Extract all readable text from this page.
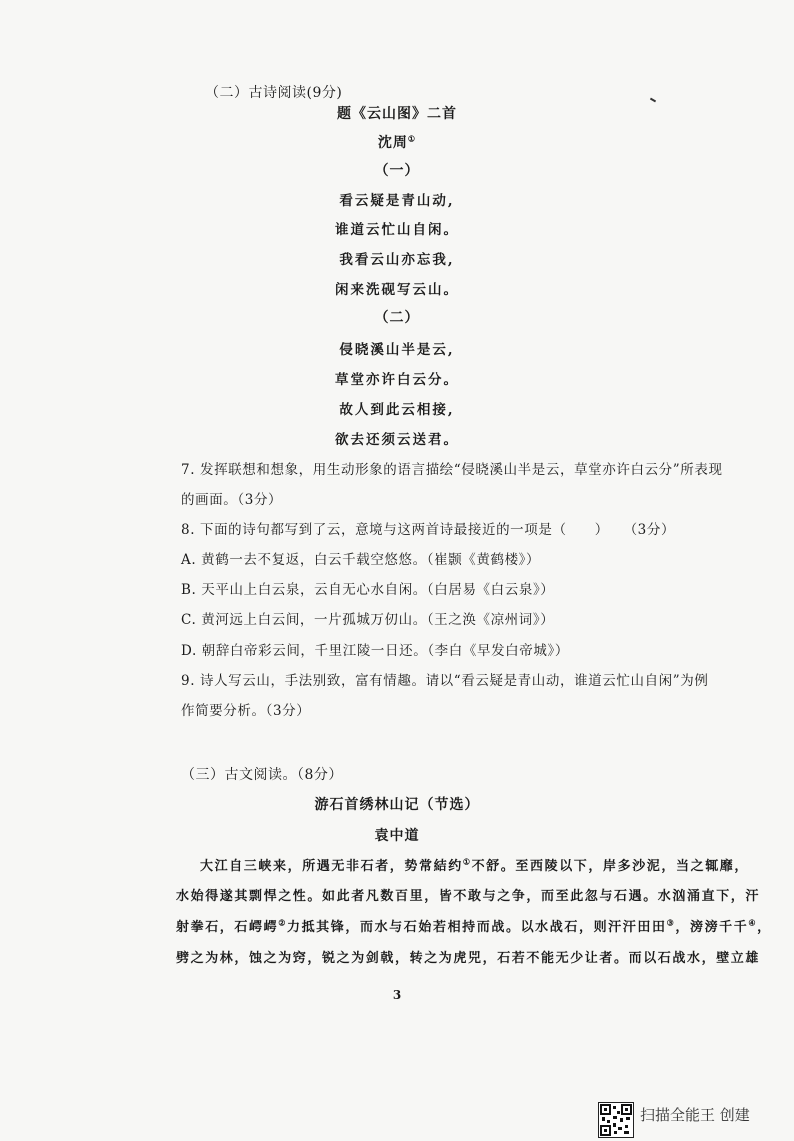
（二）古诗阅读(9分)
题《云山图》二首
沈周①
（一）
看云疑是青山动,
谁道云忙山自闲。
我看云山亦忘我,
闲来洗砚写云山。
（二）
侵晓溪山半是云,
草堂亦许白云分。
故人到此云相接,
欲去还须云送君。
7. 发挥联想和想象，用生动形象的语言描绘“侵晓溪山半是云，草堂亦许白云分”所表现
的画面。（3分）
8. 下面的诗句都写到了云，意境与这两首诗最接近的一项是（　　）　　（3分）
A. 黄鹤一去不复返，白云千载空悠悠。（崔颢《黄鹤楼》）
B. 天平山上白云泉，云自无心水自闲。（白居易《白云泉》）
C. 黄河远上白云间，一片孤城万仞山。（王之涣《凉州词》）
D. 朝辞白帝彩云间，千里江陵一日还。（李白《早发白帝城》）
9. 诗人写云山，手法别致，富有情趣。请以“看云疑是青山动，谁道云忙山自闲”为例
作简要分析。（3分）
（三）古文阅读。（8分）
游石首绣林山记（节选）
袁中道
大江自三峡来，所遇无非石者，势常結约①不舒。至西陵以下，岸多沙泥，当之辄靡，
水始得遂其剽悍之性。如此者凡数百里，皆不敢与之争，而至此忽与石遇。水汹涌直下，汗
射拳石，石崿崿②力抵其锋，而水与石始若相持而战。以水战石，则汗汗田田③，滂滂千千④，
劈之为林，蚀之为窍，锐之为剑戟，转之为虎兕，石若不能无少让者。而以石战水，壁立雄
3
扫描全能王 创建
